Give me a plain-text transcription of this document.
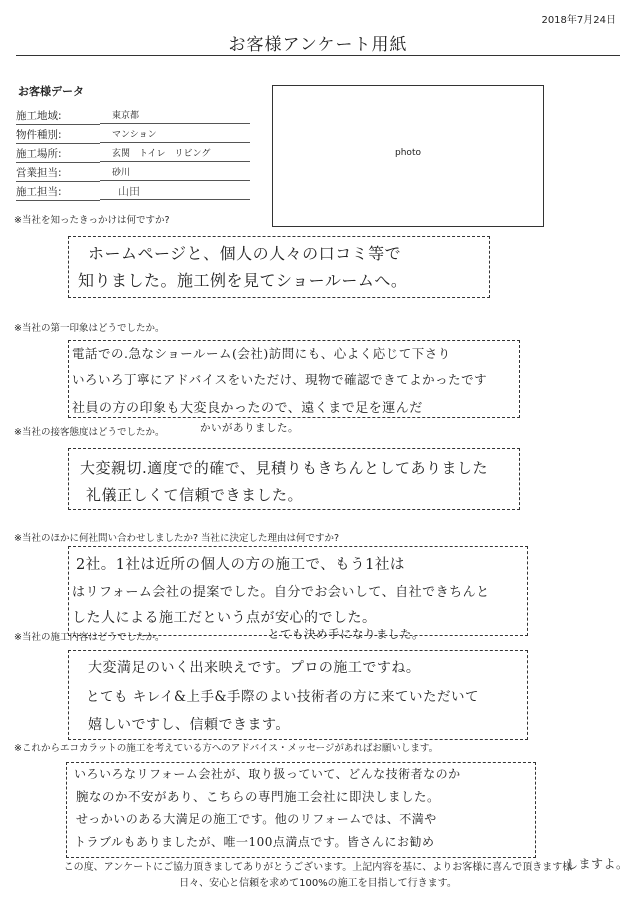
2018年7月24日
お客様アンケート用紙
お客様データ
施工地域:	東京都
物件種別:	マンション
施工場所:	玄関　トイレ　リビング
営業担当:	砂川
施工担当:	山田
photo
※当社を知ったきっかけは何ですか?
ホームページと、個人の人々の口コミ等で
知りました。施工例を見てショールームへ。
※当社の第一印象はどうでしたか。
電話での.急なショールーム(会社)訪問にも、心よく応じて下さり
いろいろ丁寧にアドバイスをいただけ、現物で確認できてよかったです
社員の方の印象も大変良かったので、遠くまで足を運んだ
かいがありました。
※当社の接客態度はどうでしたか。
大変親切.適度で的確で、見積りもきちんとしてありました
礼儀正しくて信頼できました。
※当社のほかに何社問い合わせしましたか? 当社に決定した理由は何ですか?
2社。1社は近所の個人の方の施工で、もう1社は
はリフォーム会社の提案でした。自分でお会いして、自社できちんと
した人による施工だという点が安心的でした。
とても決め手になりました。
※当社の施工内容はどうでしたか。
大変満足のいく出来映えです。プロの施工ですね。
とても キレイ&上手&手際のよい技術者の方に来ていただいて
嬉しいですし、信頼できます。
※これからエコカラットの施工を考えている方へのアドバイス・メッセージがあればお願いします。
いろいろなリフォーム会社が、取り扱っていて、どんな技術者なのか
腕なのか不安があり、こちらの専門施工会社に即決しました。
せっかいのある大満足の施工です。他のリフォームでは、不満や
トラブルもありましたが、唯一100点満点です。皆さんにお勧め
しますよ。
この度、アンケートにご協力頂きましてありがとうございます。上記内容を基に、よりお客様に喜んで頂きます様
日々、安心と信頼を求めて100%の施工を目指して行きます。
